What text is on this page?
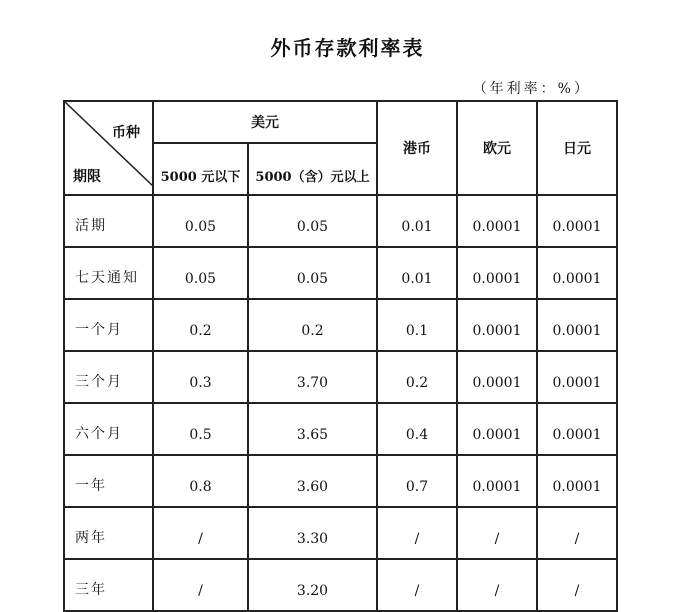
外币存款利率表
（年利率：%）
币种
期限	美元		港币	欧元	日元
	5000 元以下	5000（含）元以上			
活期	0.05	0.05	0.01	0.0001	0.0001
七天通知	0.05	0.05	0.01	0.0001	0.0001
一个月	0.2	0.2	0.1	0.0001	0.0001
三个月	0.3	3.70	0.2	0.0001	0.0001
六个月	0.5	3.65	0.4	0.0001	0.0001
一年	0.8	3.60	0.7	0.0001	0.0001
两年	/	3.30	/	/	/
三年	/	3.20	/	/	/
